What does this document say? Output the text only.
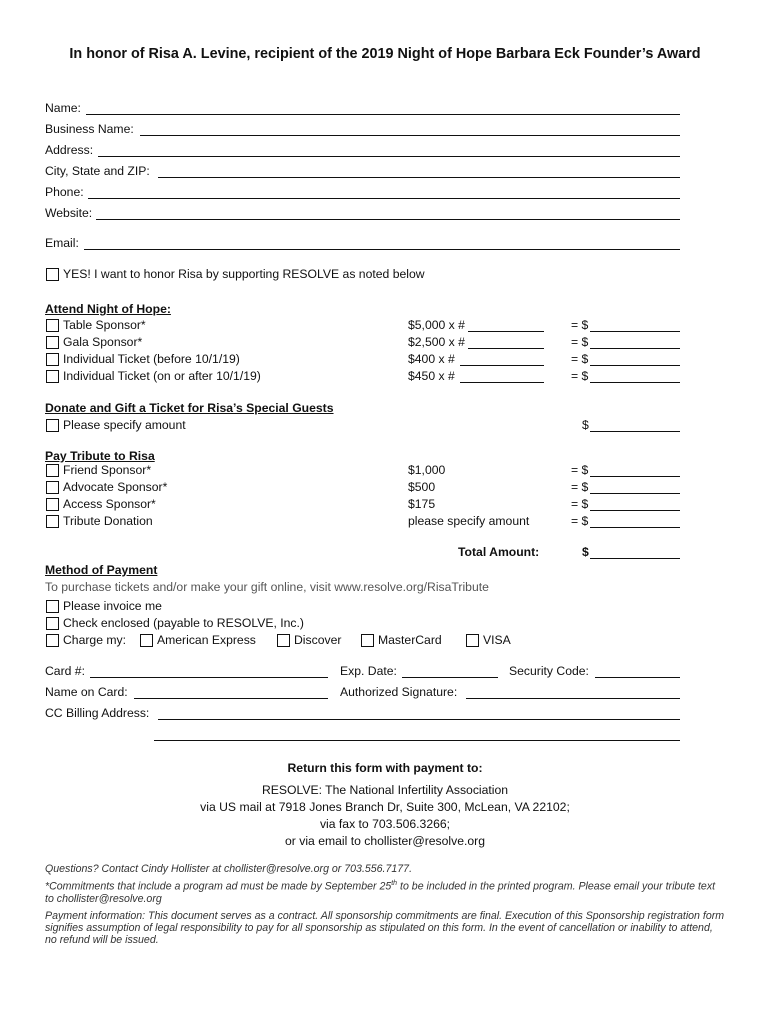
In honor of Risa A. Levine, recipient of the 2019 Night of Hope Barbara Eck Founder’s Award
Name:
Business Name:
Address:
City, State and ZIP:
Phone:
Website:
Email:
YES! I want to honor Risa by supporting RESOLVE as noted below
Attend Night of Hope:
Table Sponsor*	$5,000 x #	= $
Gala Sponsor*	$2,500 x #	= $
Individual Ticket (before 10/1/19)	$400 x #	= $
Individual Ticket (on or after 10/1/19)	$450 x #	= $
Donate and Gift a Ticket for Risa’s Special Guests
Please specify amount	$
Pay Tribute to Risa
Friend Sponsor*	$1,000	= $
Advocate Sponsor*	$500	= $
Access Sponsor*	$175	= $
Tribute Donation	please specify amount	= $
Total Amount:	$
Method of Payment
To purchase tickets and/or make your gift online, visit www.resolve.org/RisaTribute
Please invoice me
Check enclosed (payable to RESOLVE, Inc.)
Charge my:	American Express	Discover	MasterCard	VISA
Card #:	Exp. Date:	Security Code:
Name on Card:	Authorized Signature:
CC Billing Address:
Return this form with payment to:
RESOLVE: The National Infertility Association
via US mail at 7918 Jones Branch Dr, Suite 300, McLean, VA 22102;
via fax to 703.506.3266;
or via email to chollister@resolve.org
Questions? Contact Cindy Hollister at chollister@resolve.org or 703.556.7177.
*Commitments that include a program ad must be made by September 25th to be included in the printed program. Please email your tribute text to chollister@resolve.org
Payment information: This document serves as a contract. All sponsorship commitments are final. Execution of this Sponsorship registration form signifies assumption of legal responsibility to pay for all sponsorship as stipulated on this form. In the event of cancellation or inability to attend, no refund will be issued.
